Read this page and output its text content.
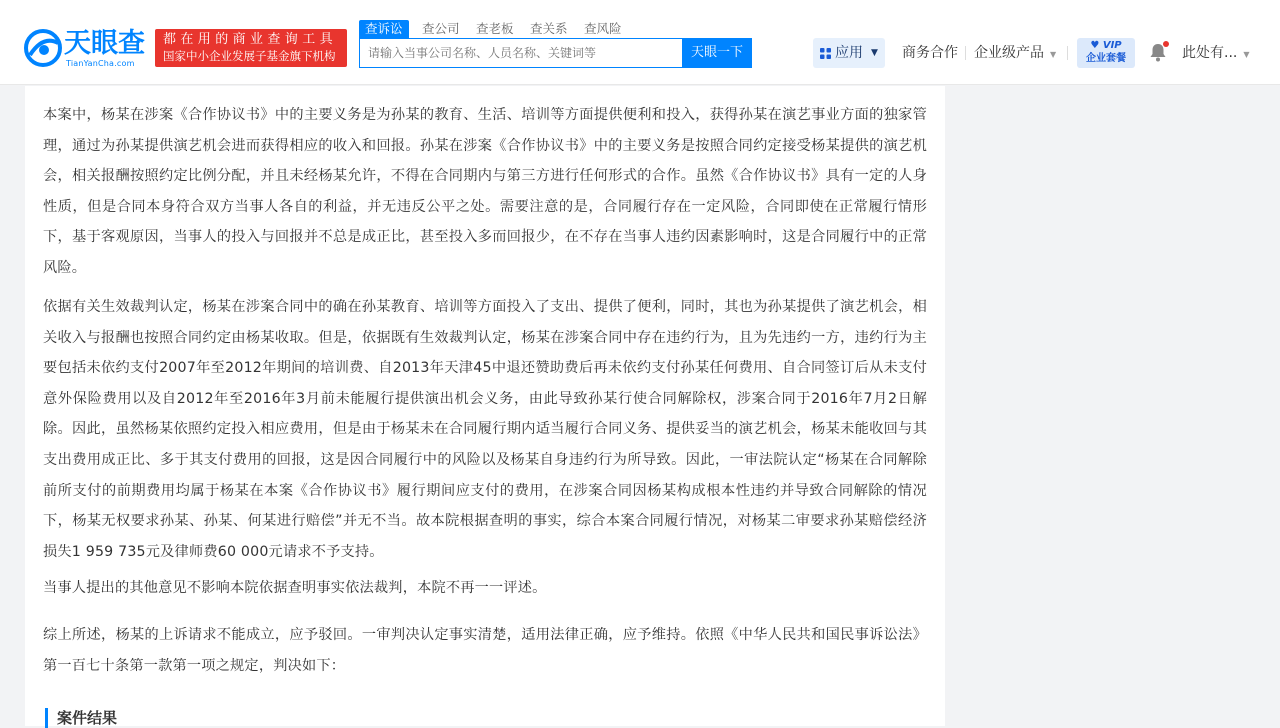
天眼查
TianYanCha.com
都在用的商业查询工具
国家中小企业发展子基金旗下机构
查诉讼	查公司	查老板	查关系	查风险
请输入当事公司名称、人员名称、关键词等
天眼一下	应用 ▼ 商务合作 企业级产品 ▼
♥ VIP
企业套餐	此处有... ▼

本案中，杨某在涉案《合作协议书》中的主要义务是为孙某的教育、生活、培训等方面提供便利和投入，获得孙某在演艺事业方面的独家管理，通过为孙某提供演艺机会进而获得相应的收入和回报。孙某在涉案《合作协议书》中的主要义务是按照合同约定接受杨某提供的演艺机会，相关报酬按照约定比例分配，并且未经杨某允许，不得在合同期内与第三方进行任何形式的合作。虽然《合作协议书》具有一定的人身性质，但是合同本身符合双方当事人各自的利益，并无违反公平之处。需要注意的是，合同履行存在一定风险，合同即使在正常履行情形下，基于客观原因，当事人的投入与回报并不总是成正比，甚至投入多而回报少，在不存在当事人违约因素影响时，这是合同履行中的正常风险。

依据有关生效裁判认定，杨某在涉案合同中的确在孙某教育、培训等方面投入了支出、提供了便利，同时，其也为孙某提供了演艺机会，相关收入与报酬也按照合同约定由杨某收取。但是，依据既有生效裁判认定，杨某在涉案合同中存在违约行为，且为先违约一方，违约行为主要包括未依约支付2007年至2012年期间的培训费、自2013年天津45中退还赞助费后再未依约支付孙某任何费用、自合同签订后从未支付意外保险费用以及自2012年至2016年3月前未能履行提供演出机会义务，由此导致孙某行使合同解除权，涉案合同于2016年7月2日解除。因此，虽然杨某依照约定投入相应费用，但是由于杨某未在合同履行期内适当履行合同义务、提供妥当的演艺机会，杨某未能收回与其支出费用成正比、多于其支付费用的回报，这是因合同履行中的风险以及杨某自身违约行为所导致。因此，一审法院认定“杨某在合同解除前所支付的前期费用均属于杨某在本案《合作协议书》履行期间应支付的费用，在涉案合同因杨某构成根本性违约并导致合同解除的情况下，杨某无权要求孙某、孙某、何某进行赔偿”并无不当。故本院根据查明的事实，综合本案合同履行情况，对杨某二审要求孙某赔偿经济损失1 959 735元及律师费60 000元请求不予支持。

当事人提出的其他意见不影响本院依据查明事实依法裁判，本院不再一一评述。

综上所述，杨某的上诉请求不能成立，应予驳回。一审判决认定事实清楚，适用法律正确，应予维持。依照《中华人民共和国民事诉讼法》第一百七十条第一款第一项之规定，判决如下：

案件结果
